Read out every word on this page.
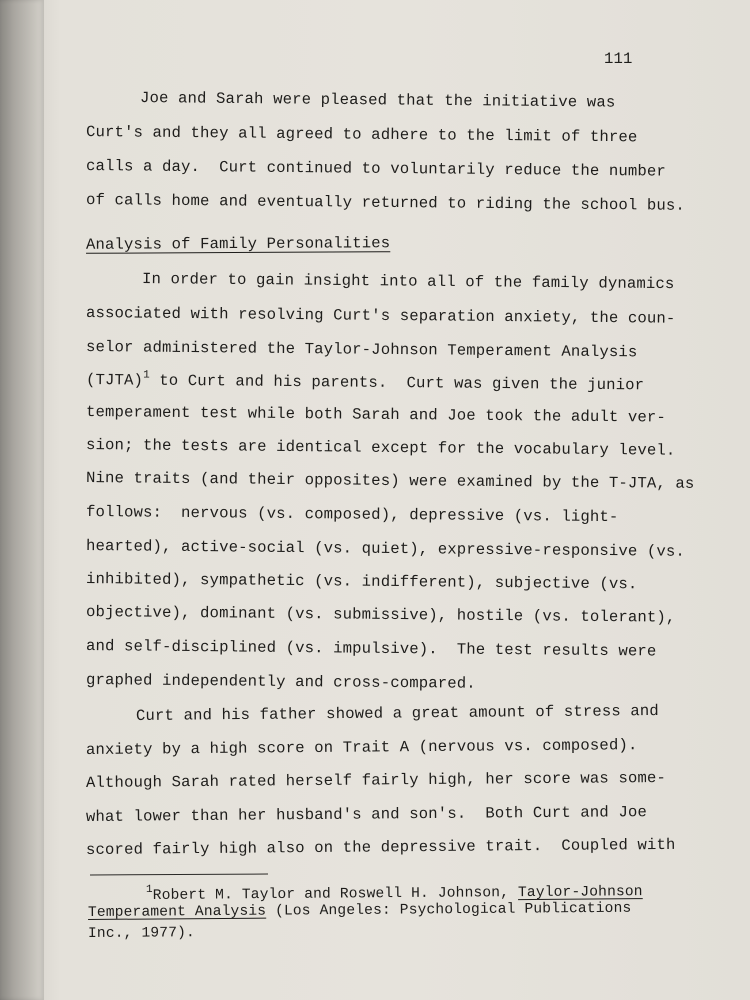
111
Joe and Sarah were pleased that the initiative was
Curt's and they all agreed to adhere to the limit of three
calls a day.  Curt continued to voluntarily reduce the number
of calls home and eventually returned to riding the school bus.
Analysis of Family Personalities
In order to gain insight into all of the family dynamics
associated with resolving Curt's separation anxiety, the coun-
selor administered the Taylor-Johnson Temperament Analysis
(TJTA)$^1$ to Curt and his parents.  Curt was given the junior
temperament test while both Sarah and Joe took the adult ver-
sion; the tests are identical except for the vocabulary level.
Nine traits (and their opposites) were examined by the T-JTA, as
follows:  nervous (vs. composed), depressive (vs. light-
hearted), active-social (vs. quiet), expressive-responsive (vs.
inhibited), sympathetic (vs. indifferent), subjective (vs.
objective), dominant (vs. submissive), hostile (vs. tolerant),
and self-disciplined (vs. impulsive).  The test results were
graphed independently and cross-compared.
Curt and his father showed a great amount of stress and
anxiety by a high score on Trait A (nervous vs. composed).
Although Sarah rated herself fairly high, her score was some-
what lower than her husband's and son's.  Both Curt and Joe
scored fairly high also on the depressive trait.  Coupled with
$^1$Robert M. Taylor and Roswell H. Johnson, Taylor-Johnson
Temperament Analysis (Los Angeles: Psychological Publications
Inc., 1977).
